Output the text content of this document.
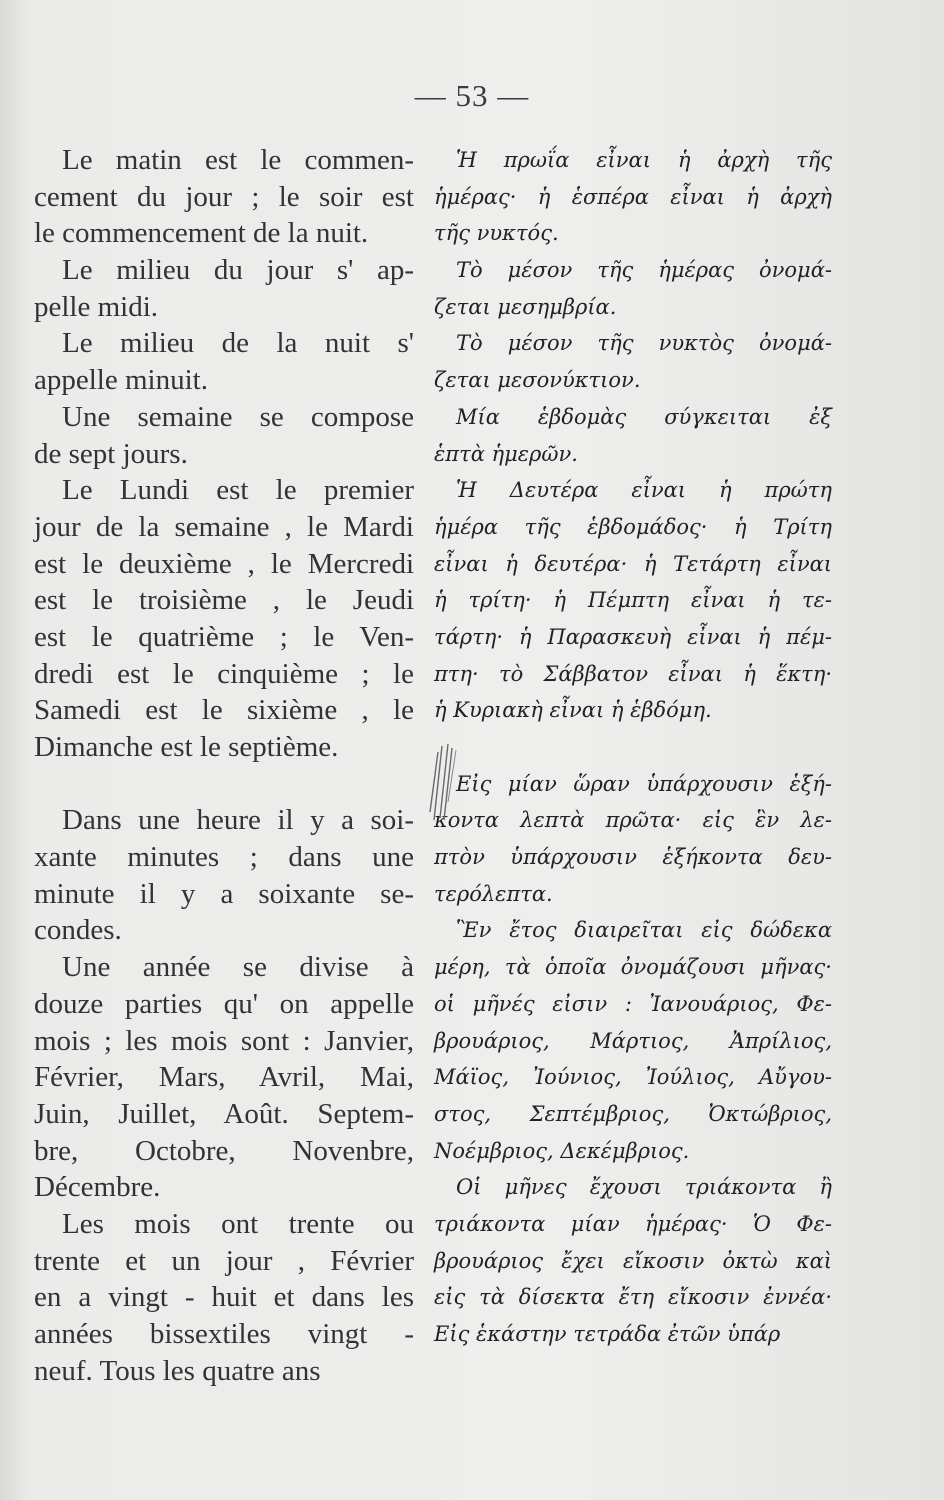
— 53 —
Le matin est le commen-
cement du jour ; le soir est
le commencement de la nuit.
Le milieu du jour s' ap-
pelle midi.
Le milieu de la nuit s'
appelle minuit.
Une semaine se compose
de sept jours.
Le Lundi est le premier
jour de la semaine , le Mardi
est le deuxième , le Mercredi
est le troisième , le Jeudi
est le quatrième ; le Ven-
dredi est le cinquième ; le
Samedi est le sixième , le
Dimanche est le septième.
Dans une heure il y a soi-
xante minutes ; dans une
minute il y a soixante se-
condes.
Une année se divise à
douze parties qu' on appelle
mois ; les mois sont : Janvier,
Février, Mars, Avril, Mai,
Juin, Juillet, Août. Septem-
bre, Octobre, Novenbre,
Décembre.
Les mois ont trente ou
trente et un jour , Février
en a vingt - huit et dans les
années bissextiles vingt -
neuf. Tous les quatre ans
Ἡ πρωΐα εἶναι ἡ ἀρχὴ τῆς
ἡμέρας· ἡ ἑσπέρα εἶναι ἡ ἀρχὴ
τῆς νυκτός.
Τὸ μέσον τῆς ἡμέρας ὀνομά-
ζεται μεσημβρία.
Τὸ μέσον τῆς νυκτὸς ὀνομά-
ζεται μεσονύκτιον.
Μία ἑβδομὰς σύγκειται ἐξ
ἑπτὰ ἡμερῶν.
Ἡ Δευτέρα εἶναι ἡ πρώτη
ἡμέρα τῆς ἑβδομάδος· ἡ Τρίτη
εἶναι ἡ δευτέρα· ἡ Τετάρτη εἶναι
ἡ τρίτη· ἡ Πέμπτη εἶναι ἡ τε-
τάρτη· ἡ Παρασκευὴ εἶναι ἡ πέμ-
πτη· τὸ Σάββατον εἶναι ἡ ἕκτη·
ἡ Κυριακὴ εἶναι ἡ ἑβδόμη.
Εἰς μίαν ὥραν ὑπάρχουσιν ἑξή-
κοντα λεπτὰ πρῶτα· εἰς ἓν λε-
πτὸν ὑπάρχουσιν ἑξήκοντα δευ-
τερόλεπτα.
Ἓν ἔτος διαιρεῖται εἰς δώδεκα
μέρη, τὰ ὁποῖα ὀνομάζουσι μῆνας·
οἱ μῆνές εἰσιν : Ἰανουάριος, Φε-
βρουάριος, Μάρτιος, Ἀπρίλιος,
Μάϊος, Ἰούνιος, Ἰούλιος, Αὔγου-
στος, Σεπτέμβριος, Ὀκτώβριος,
Νοέμβριος, Δεκέμβριος.
Οἱ μῆνες ἔχουσι τριάκοντα ἢ
τριάκοντα μίαν ἡμέρας· Ὁ Φε-
βρουάριος ἔχει εἴκοσιν ὀκτὼ καὶ
εἰς τὰ δίσεκτα ἔτη εἴκοσιν ἐννέα·
Εἰς ἑκάστην τετράδα ἐτῶν ὑπάρ
